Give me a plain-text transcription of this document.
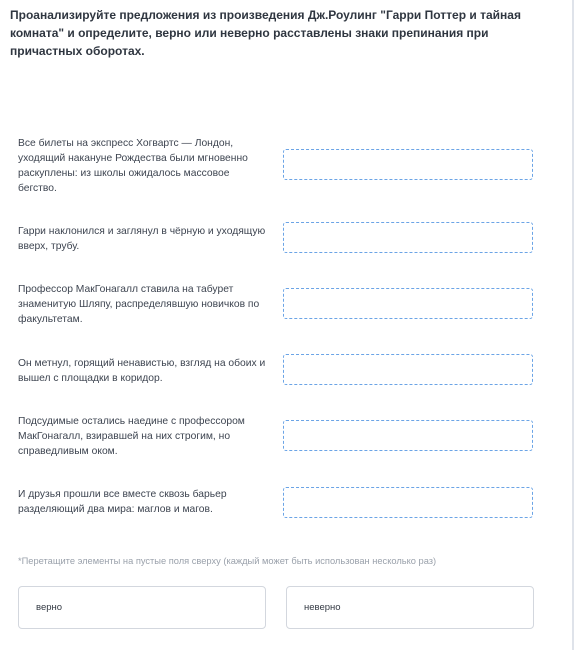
Проанализируйте предложения из произведения Дж.Роулинг "Гарри Поттер и тайная комната" и определите, верно или неверно расставлены знаки препинания при причастных оборотах.
Все билеты на экспресс Хогвартс — Лондон, уходящий накануне Рождества были мгновенно раскуплены: из школы ожидалось массовое бегство.
Гарри наклонился и заглянул в чёрную и уходящую вверх, трубу.
Профессор МакГонагалл ставила на табурет знаменитую Шляпу, распределявшую новичков по факультетам.
Он метнул, горящий ненавистью, взгляд на обоих и вышел с площадки в коридор.
Подсудимые остались наедине с профессором МакГонагалл, взиравшей на них строгим, но справедливым оком.
И друзья прошли все вместе сквозь барьер разделяющий два мира: маглов и магов.
*Перетащите элементы на пустые поля сверху (каждый может быть использован несколько раз)
верно	неверно
